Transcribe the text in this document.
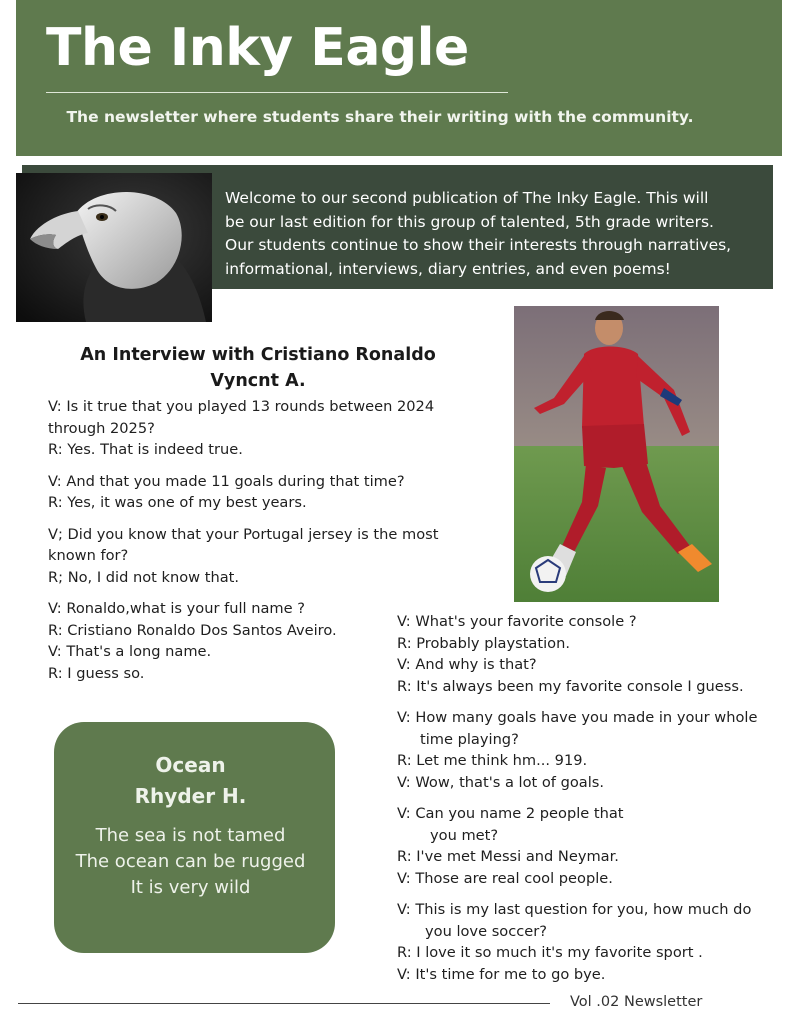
The Inky Eagle
The newsletter where students share their writing with the community.
Welcome to our second publication of The Inky Eagle. This will
be our last edition for this group of talented, 5th grade writers.
Our students continue to show their interests through narratives,
informational, interviews, diary entries, and even poems!
An Interview with Cristiano Ronaldo
Vyncnt A.

V: Is it true that you played 13 rounds between 2024

through 2025?

R: Yes. That is indeed true.

V: And that you made 11 goals during that time?

R: Yes, it was one of my best years.

V; Did you know that your Portugal jersey is the most

known for?

R; No, I did not know that.

V: Ronaldo,what is your full name ?

R: Cristiano Ronaldo Dos Santos Aveiro.

V: That's a long name.

R: I guess so.

V: What's your favorite console ?

R: Probably playstation.

V: And why is that?

R: It's always been my favorite console I guess.

V: How many goals have you made in your whole

time playing?

R: Let me think hm... 919.

V: Wow, that's a lot of goals.

V: Can you name 2 people that

you met?

R: I've met Messi and Neymar.

V: Those are real cool people.

V: This is my last question for you, how much do

you love soccer?

R: I love it so much it's my favorite sport .

V: It's time for me to go bye.

Ocean
Rhyder H.
The sea is not tamed
The ocean can be rugged
It is very wild
Vol .02 Newsletter
